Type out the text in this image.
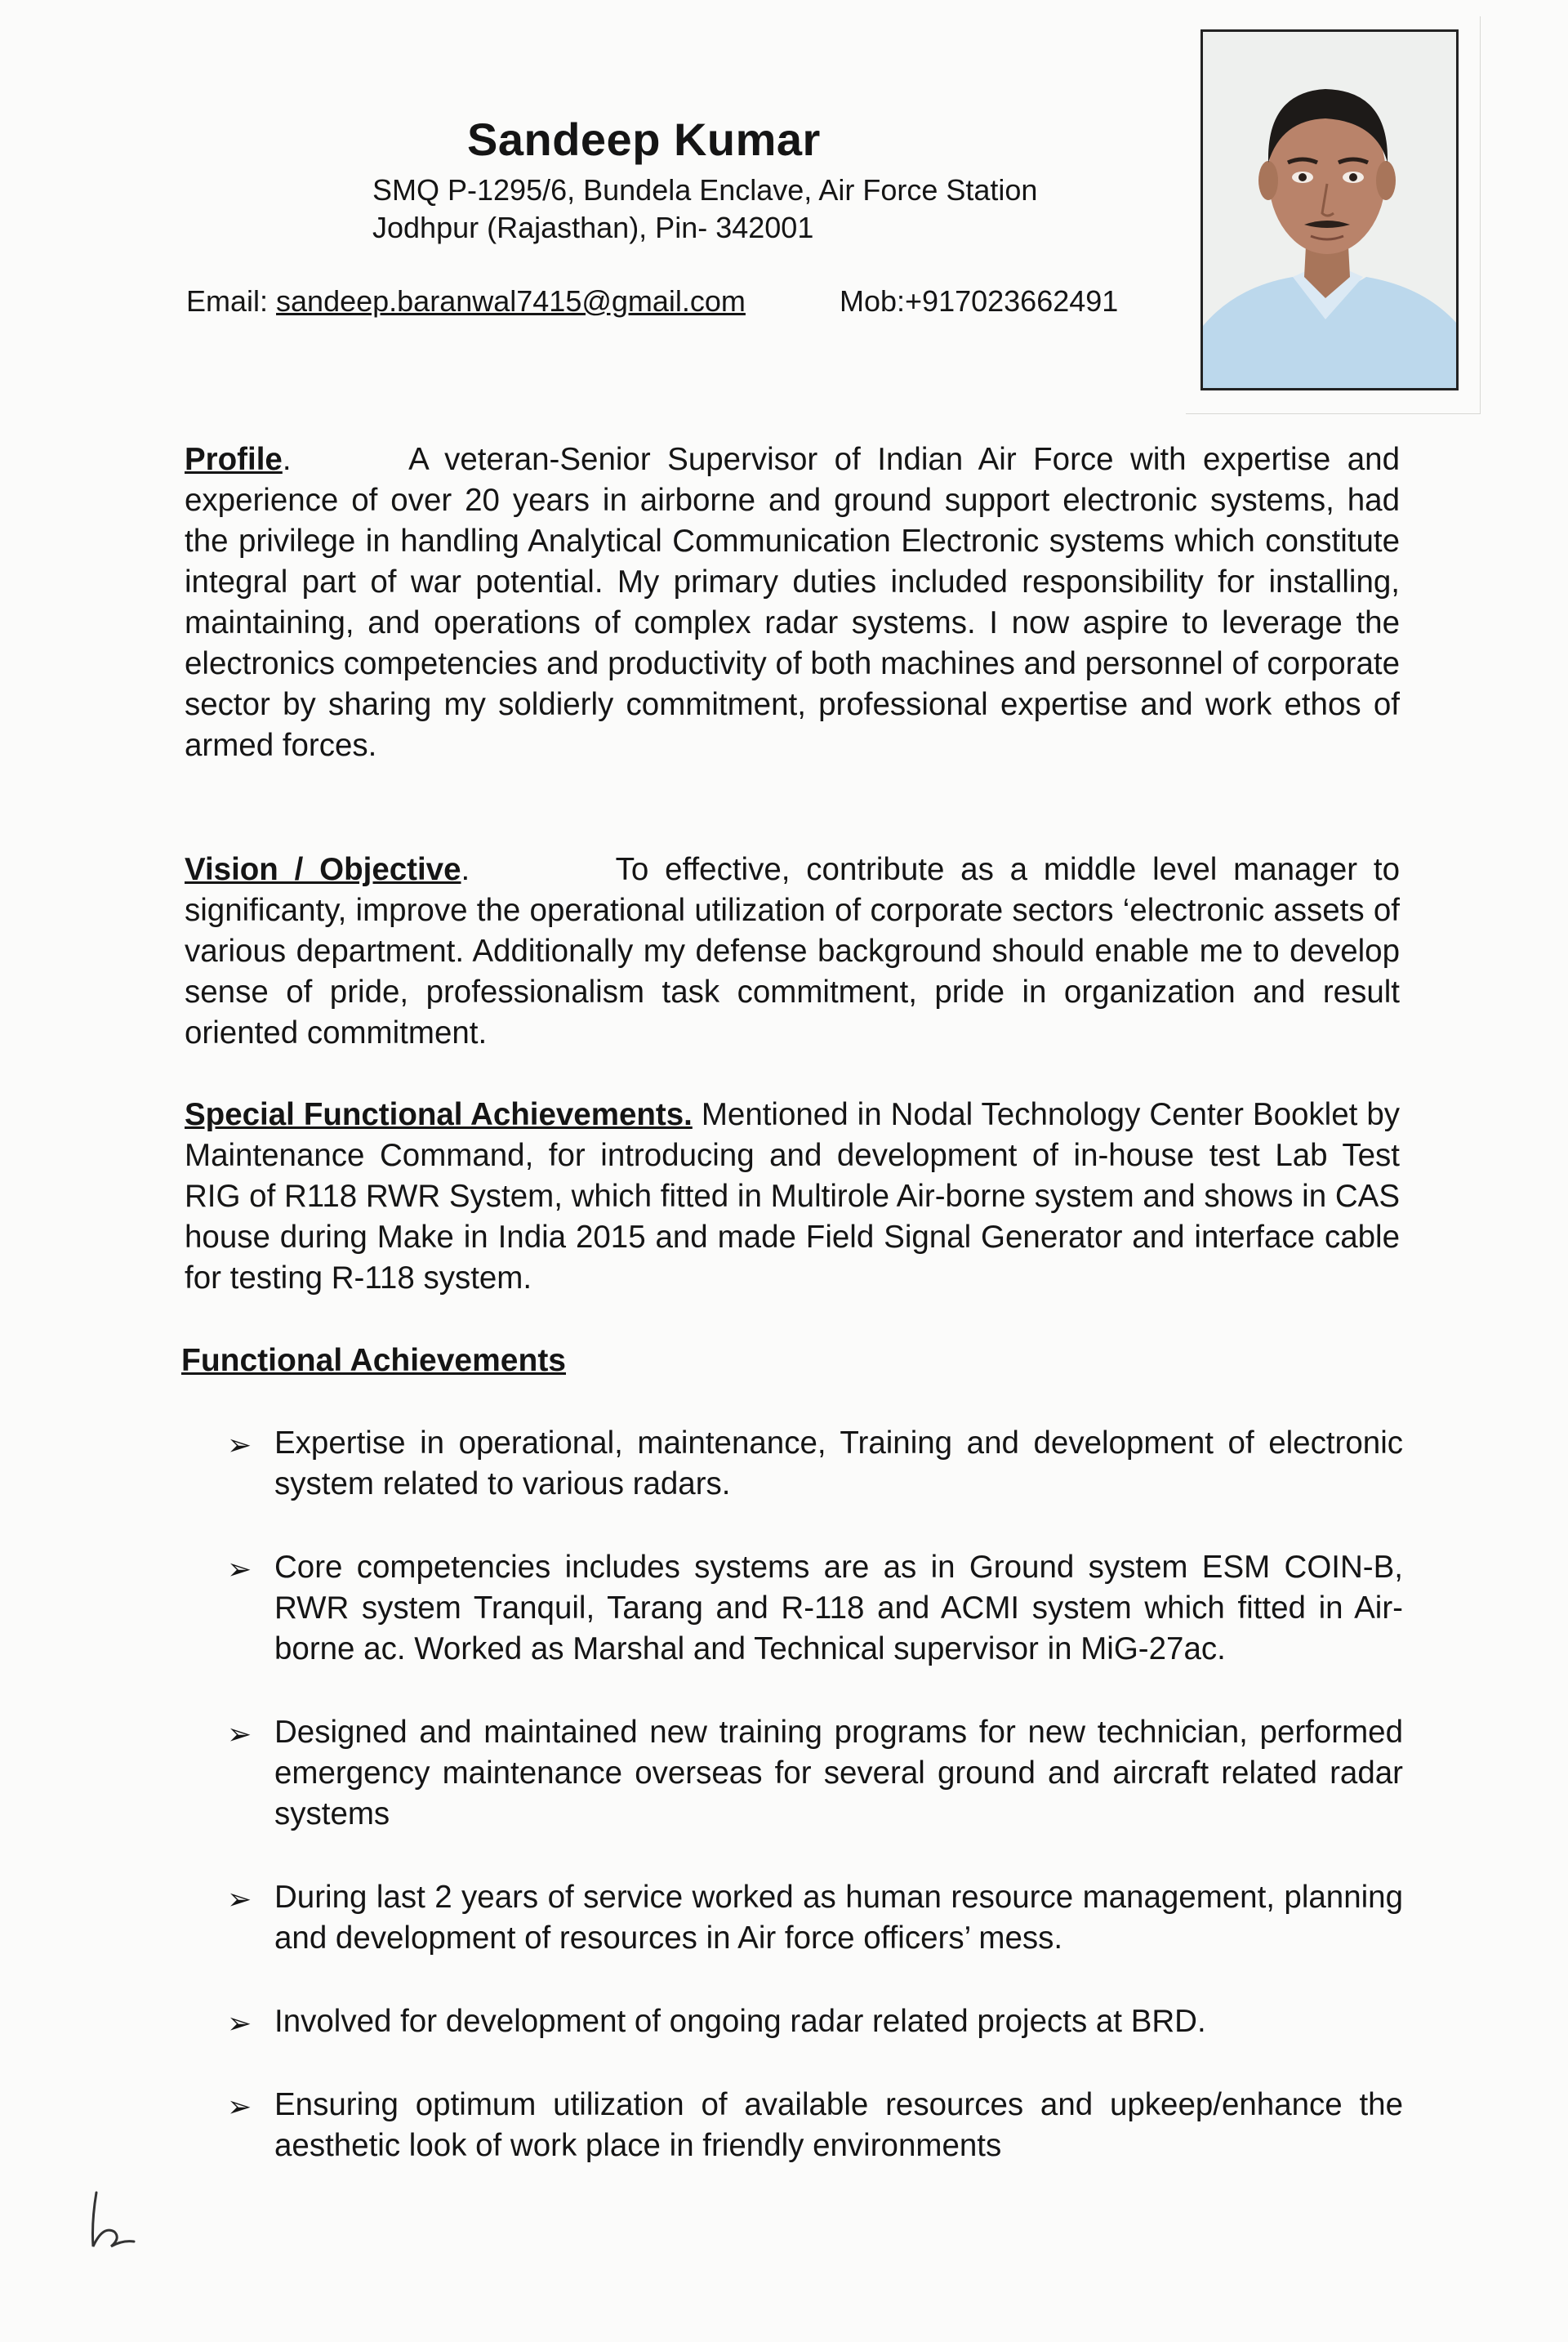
Sandeep Kumar
SMQ P-1295/6, Bundela Enclave, Air Force Station
Jodhpur (Rajasthan), Pin- 342001
Email: sandeep.baranwal7415@gmail.com	Mob:+917023662491
Profile.       A veteran-Senior Supervisor of Indian Air Force with expertise and experience of over 20 years in airborne and ground support electronic systems, had the privilege in handling Analytical Communication Electronic systems which constitute integral part of war potential. My primary duties included responsibility for installing, maintaining, and operations of complex radar systems. I now aspire to leverage the electronics competencies and productivity of both machines and personnel of corporate sector by sharing my soldierly commitment, professional expertise and work ethos of armed forces.
Vision / Objective.         To effective, contribute as a middle level manager to significanty, improve the operational utilization of corporate sectors ‘electronic assets of various department. Additionally my defense background should enable me to develop sense of pride, professionalism task commitment, pride in organization and result oriented commitment.
Special Functional Achievements. Mentioned in Nodal Technology Center Booklet by Maintenance Command, for introducing and development of in-house test Lab Test RIG of R118 RWR System, which fitted in Multirole Air-borne system and shows in CAS house during Make in India 2015 and made Field Signal Generator and interface cable for testing R-118 system.
Functional Achievements
➢ Expertise in operational, maintenance, Training and development of electronic system related to various radars.
➢ Core competencies includes systems are as in Ground system ESM COIN-B, RWR system Tranquil, Tarang and R-118 and ACMI system which fitted in Air-borne ac. Worked as Marshal and Technical supervisor in MiG-27ac.
➢ Designed and maintained new training programs for new technician, performed emergency maintenance overseas for several ground and aircraft related radar systems
➢ During last 2 years of service worked as human resource management, planning and development of resources in Air force officers’ mess.
➢ Involved for development of ongoing radar related projects at BRD.
➢ Ensuring optimum utilization of available resources and upkeep/enhance the aesthetic look of work place in friendly environments
